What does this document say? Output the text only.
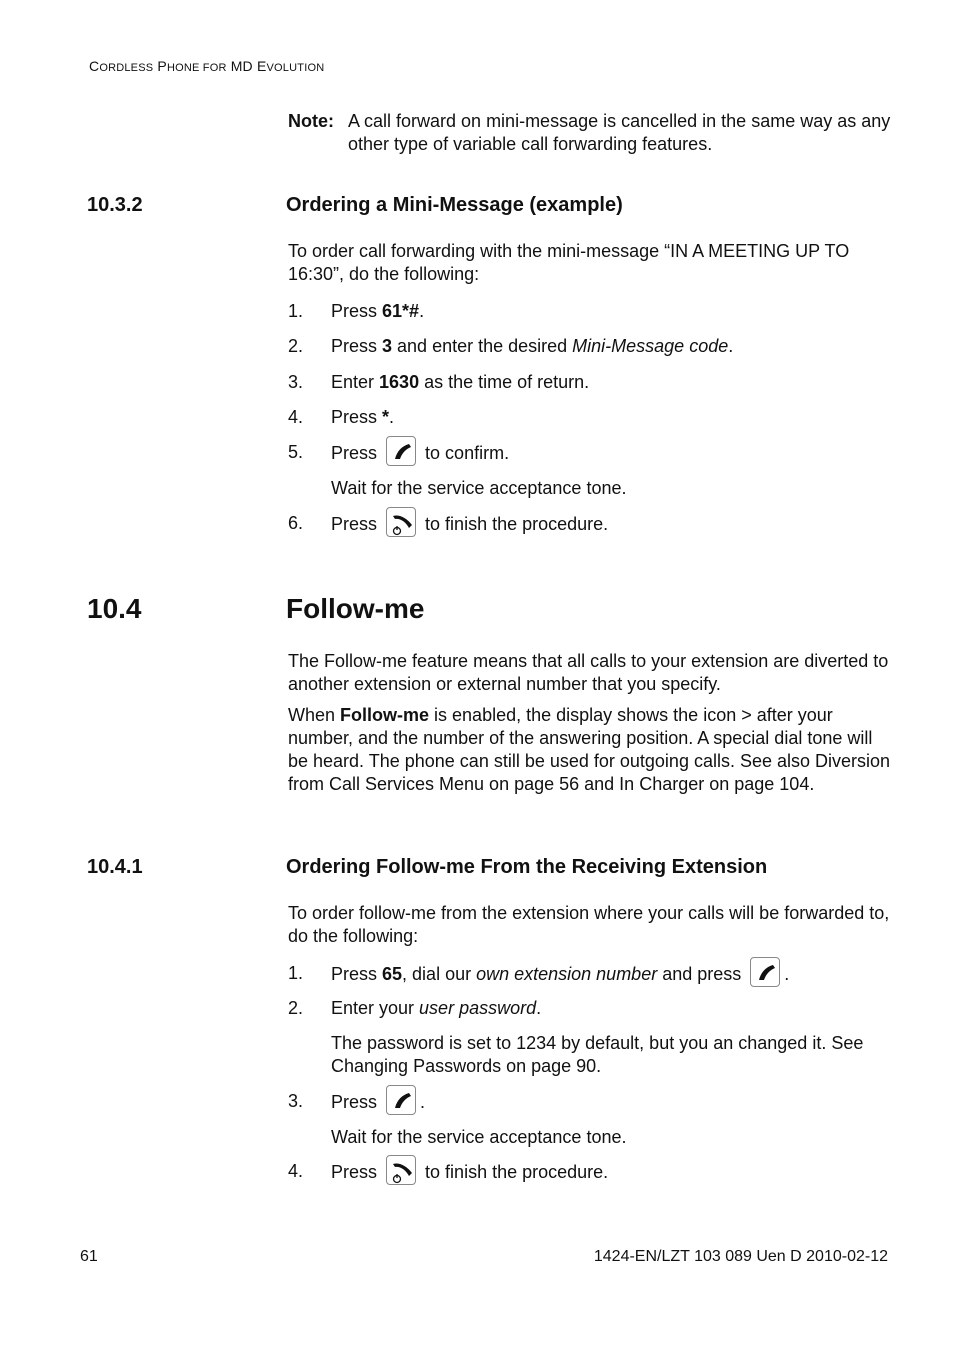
CORDLESS PHONE FOR MD EVOLUTION
Note: A call forward on mini-message is cancelled in the same way as any other type of variable call forwarding features.
10.3.2	Ordering a Mini-Message (example)
To order call forwarding with the mini-message “IN A MEETING UP TO 16:30”, do the following:
1.	Press 61*#.
2.	Press 3 and enter the desired Mini-Message code.
3.	Enter 1630 as the time of return.
4.	Press *.
5.	Press	to confirm.
Wait for the service acceptance tone.
6.	Press	to finish the procedure.
10.4	Follow-me
The Follow-me feature means that all calls to your extension are diverted to another extension or external number that you specify.
When Follow-me is enabled, the display shows the icon > after your number, and the number of the answering position. A special dial tone will be heard. The phone can still be used for outgoing calls. See also Diversion from Call Services Menu on page 56 and In Charger on page 104.
10.4.1	Ordering Follow-me From the Receiving Extension
To order follow-me from the extension where your calls will be forwarded to, do the following:
1.	Press 65, dial our own extension number and press .
2.	Enter your user password.
The password is set to 1234 by default, but you an changed it. See Changing Passwords on page 90.
3.	Press .
Wait for the service acceptance tone.
4.	Press	to finish the procedure.
61	1424-EN/LZT 103 089 Uen D 2010-02-12
